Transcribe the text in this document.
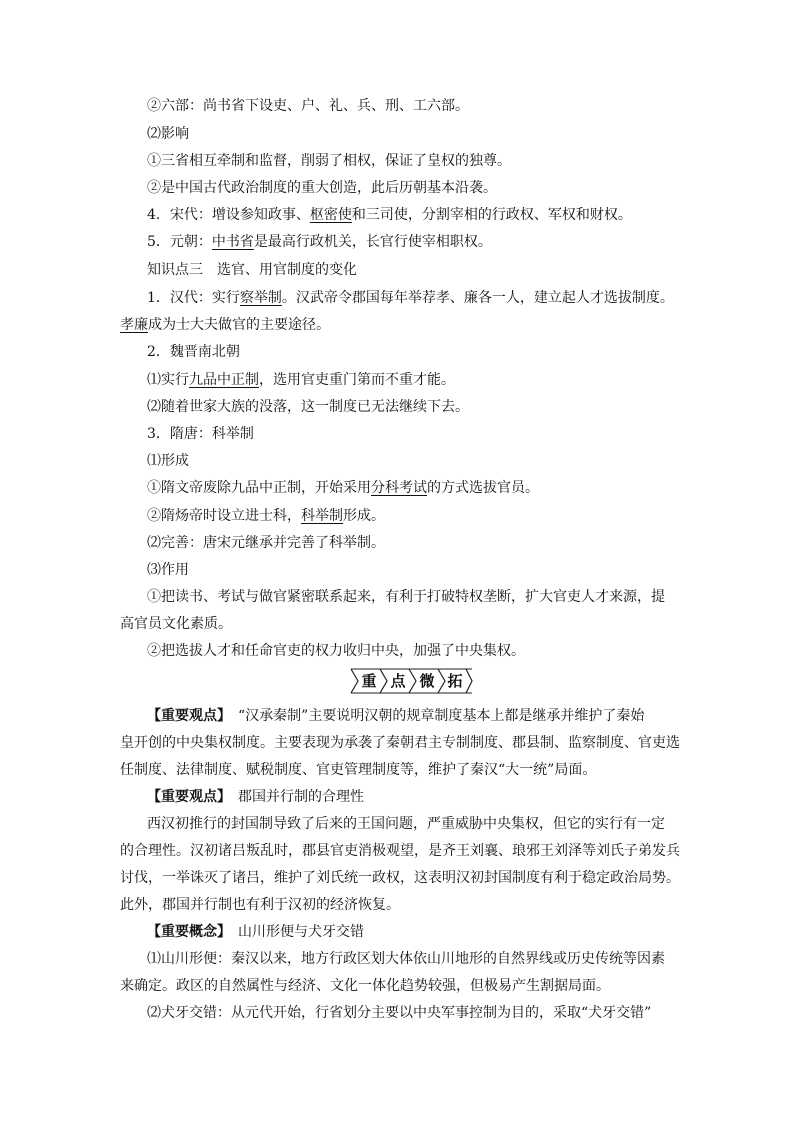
②六部：尚书省下设吏、户、礼、兵、刑、工六部。
⑵影响
①三省相互牵制和监督，削弱了相权，保证了皇权的独尊。
②是中国古代政治制度的重大创造，此后历朝基本沿袭。
4．宋代：增设参知政事、枢密使和三司使，分割宰相的行政权、军权和财权。
5．元朝：中书省是最高行政机关，长官行使宰相职权。
知识点三　选官、用官制度的变化
1．汉代：实行察举制。汉武帝令郡国每年举荐孝、廉各一人，建立起人才选拔制度。
孝廉成为士大夫做官的主要途径。
2．魏晋南北朝
⑴实行九品中正制，选用官吏重门第而不重才能。
⑵随着世家大族的没落，这一制度已无法继续下去。
3．隋唐：科举制
⑴形成
①隋文帝废除九品中正制，开始采用分科考试的方式选拔官员。
②隋炀帝时设立进士科，科举制形成。
⑵完善：唐宋元继承并完善了科举制。
⑶作用
①把读书、考试与做官紧密联系起来，有利于打破特权垄断，扩大官吏人才来源，提
高官员文化素质。
②把选拔人才和任命官吏的权力收归中央，加强了中央集权。
重 点 微 拓
【重要观点】　“汉承秦制”主要说明汉朝的规章制度基本上都是继承并维护了秦始
皇开创的中央集权制度。主要表现为承袭了秦朝君主专制制度、郡县制、监察制度、官吏选
任制度、法律制度、赋税制度、官吏管理制度等，维护了秦汉“大一统”局面。
【重要观点】　郡国并行制的合理性
西汉初推行的封国制导致了后来的王国问题，严重威胁中央集权，但它的实行有一定
的合理性。汉初诸吕叛乱时，郡县官吏消极观望，是齐王刘襄、琅邪王刘泽等刘氏子弟发兵
讨伐，一举诛灭了诸吕，维护了刘氏统一政权，这表明汉初封国制度有利于稳定政治局势。
此外，郡国并行制也有利于汉初的经济恢复。
【重要概念】　山川形便与犬牙交错
⑴山川形便：秦汉以来，地方行政区划大体依山川地形的自然界线或历史传统等因素
来确定。政区的自然属性与经济、文化一体化趋势较强，但极易产生割据局面。
⑵犬牙交错：从元代开始，行省划分主要以中央军事控制为目的，采取“犬牙交错”
